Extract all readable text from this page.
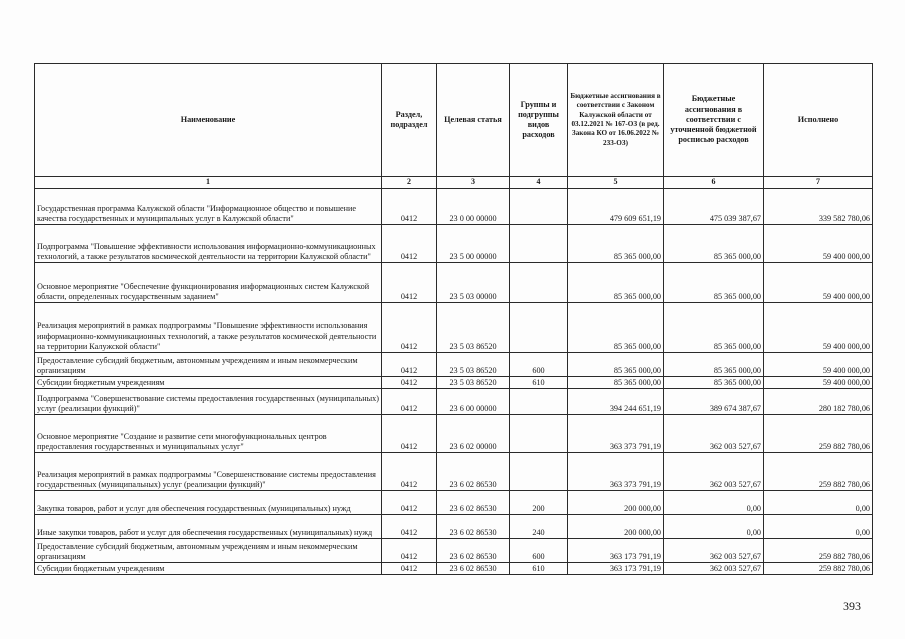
Наименование	Раздел, подраздел	Целевая статья	Группы и подгруппы видов расходов	Бюджетные ассигнования в соответствии с Законом Калужской области от 03.12.2021 № 167-ОЗ (в ред. Закона КО от 16.06.2022 № 233-ОЗ)	Бюджетные ассигнования в соответствии с уточненной бюджетной росписью расходов	Исполнено
1	2	3	4	5	6	7
Государственная программа Калужской области "Информационное общество и повышение качества государственных и муниципальных услуг в Калужской области"	0412	23 0 00 00000		479 609 651,19	475 039 387,67	339 582 780,06
Подпрограмма "Повышение эффективности использования информационно-коммуникационных технологий, а также результатов космической деятельности на территории Калужской области"	0412	23 5 00 00000		85 365 000,00	85 365 000,00	59 400 000,00
Основное мероприятие "Обеспечение функционирования информационных систем Калужской области, определенных государственным заданием"	0412	23 5 03 00000		85 365 000,00	85 365 000,00	59 400 000,00
Реализация мероприятий в рамках подпрограммы "Повышение эффективности использования информационно-коммуникационных технологий, а также результатов космической деятельности на территории Калужской области"	0412	23 5 03 86520		85 365 000,00	85 365 000,00	59 400 000,00
Предоставление субсидий бюджетным, автономным учреждениям и иным некоммерческим организациям	0412	23 5 03 86520	600	85 365 000,00	85 365 000,00	59 400 000,00
Субсидии бюджетным учреждениям	0412	23 5 03 86520	610	85 365 000,00	85 365 000,00	59 400 000,00
Подпрограмма "Совершенствование системы предоставления государственных (муниципальных) услуг (реализации функций)"	0412	23 6 00 00000		394 244 651,19	389 674 387,67	280 182 780,06
Основное мероприятие "Создание и развитие сети многофункциональных центров предоставления государственных и муниципальных услуг"	0412	23 6 02 00000		363 373 791,19	362 003 527,67	259 882 780,06
Реализация мероприятий в рамках подпрограммы "Совершенствование системы предоставления государственных (муниципальных) услуг (реализации функций)"	0412	23 6 02 86530		363 373 791,19	362 003 527,67	259 882 780,06
Закупка товаров, работ и услуг для обеспечения государственных (муниципальных) нужд	0412	23 6 02 86530	200	200 000,00	0,00	0,00
Иные закупки товаров, работ и услуг для обеспечения государственных (муниципальных) нужд	0412	23 6 02 86530	240	200 000,00	0,00	0,00
Предоставление субсидий бюджетным, автономным учреждениям и иным некоммерческим организациям	0412	23 6 02 86530	600	363 173 791,19	362 003 527,67	259 882 780,06
Субсидии бюджетным учреждениям	0412	23 6 02 86530	610	363 173 791,19	362 003 527,67	259 882 780,06
393
